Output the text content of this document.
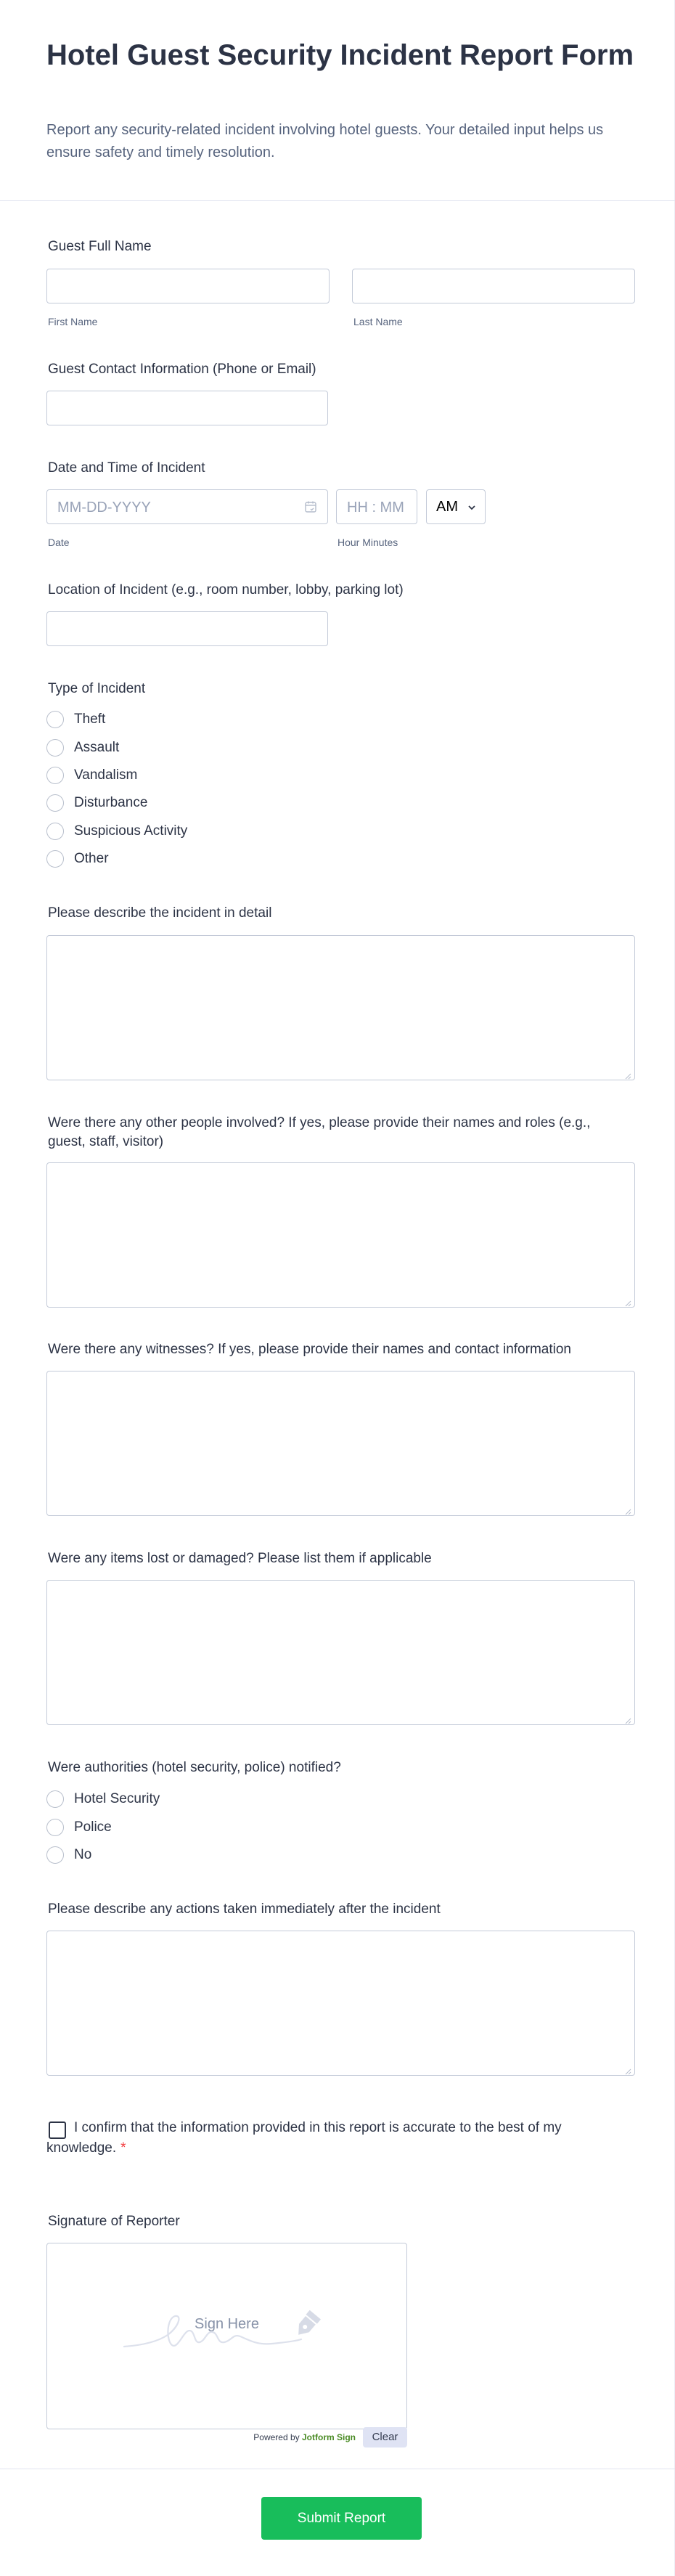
Hotel Guest Security Incident Report Form
Report any security-related incident involving hotel guests. Your detailed input helps us ensure safety and timely resolution.
Guest Full Name
First Name	Last Name
Guest Contact Information (Phone or Email)
Date and Time of Incident
MM-DD-YYYY
Date
HH : MM
Hour Minutes
AM
Location of Incident (e.g., room number, lobby, parking lot)
Type of Incident
Theft
Assault
Vandalism
Disturbance
Suspicious Activity
Other
Please describe the incident in detail
Were there any other people involved? If yes, please provide their names and roles (e.g., guest, staff, visitor)
Were there any witnesses? If yes, please provide their names and contact information
Were any items lost or damaged? Please list them if applicable
Were authorities (hotel security, police) notified?
Hotel Security
Police
No
Please describe any actions taken immediately after the incident
I confirm that the information provided in this report is accurate to the best of my knowledge. *
Signature of Reporter
Sign Here
Powered by Jotform Sign	Clear
Submit Report
